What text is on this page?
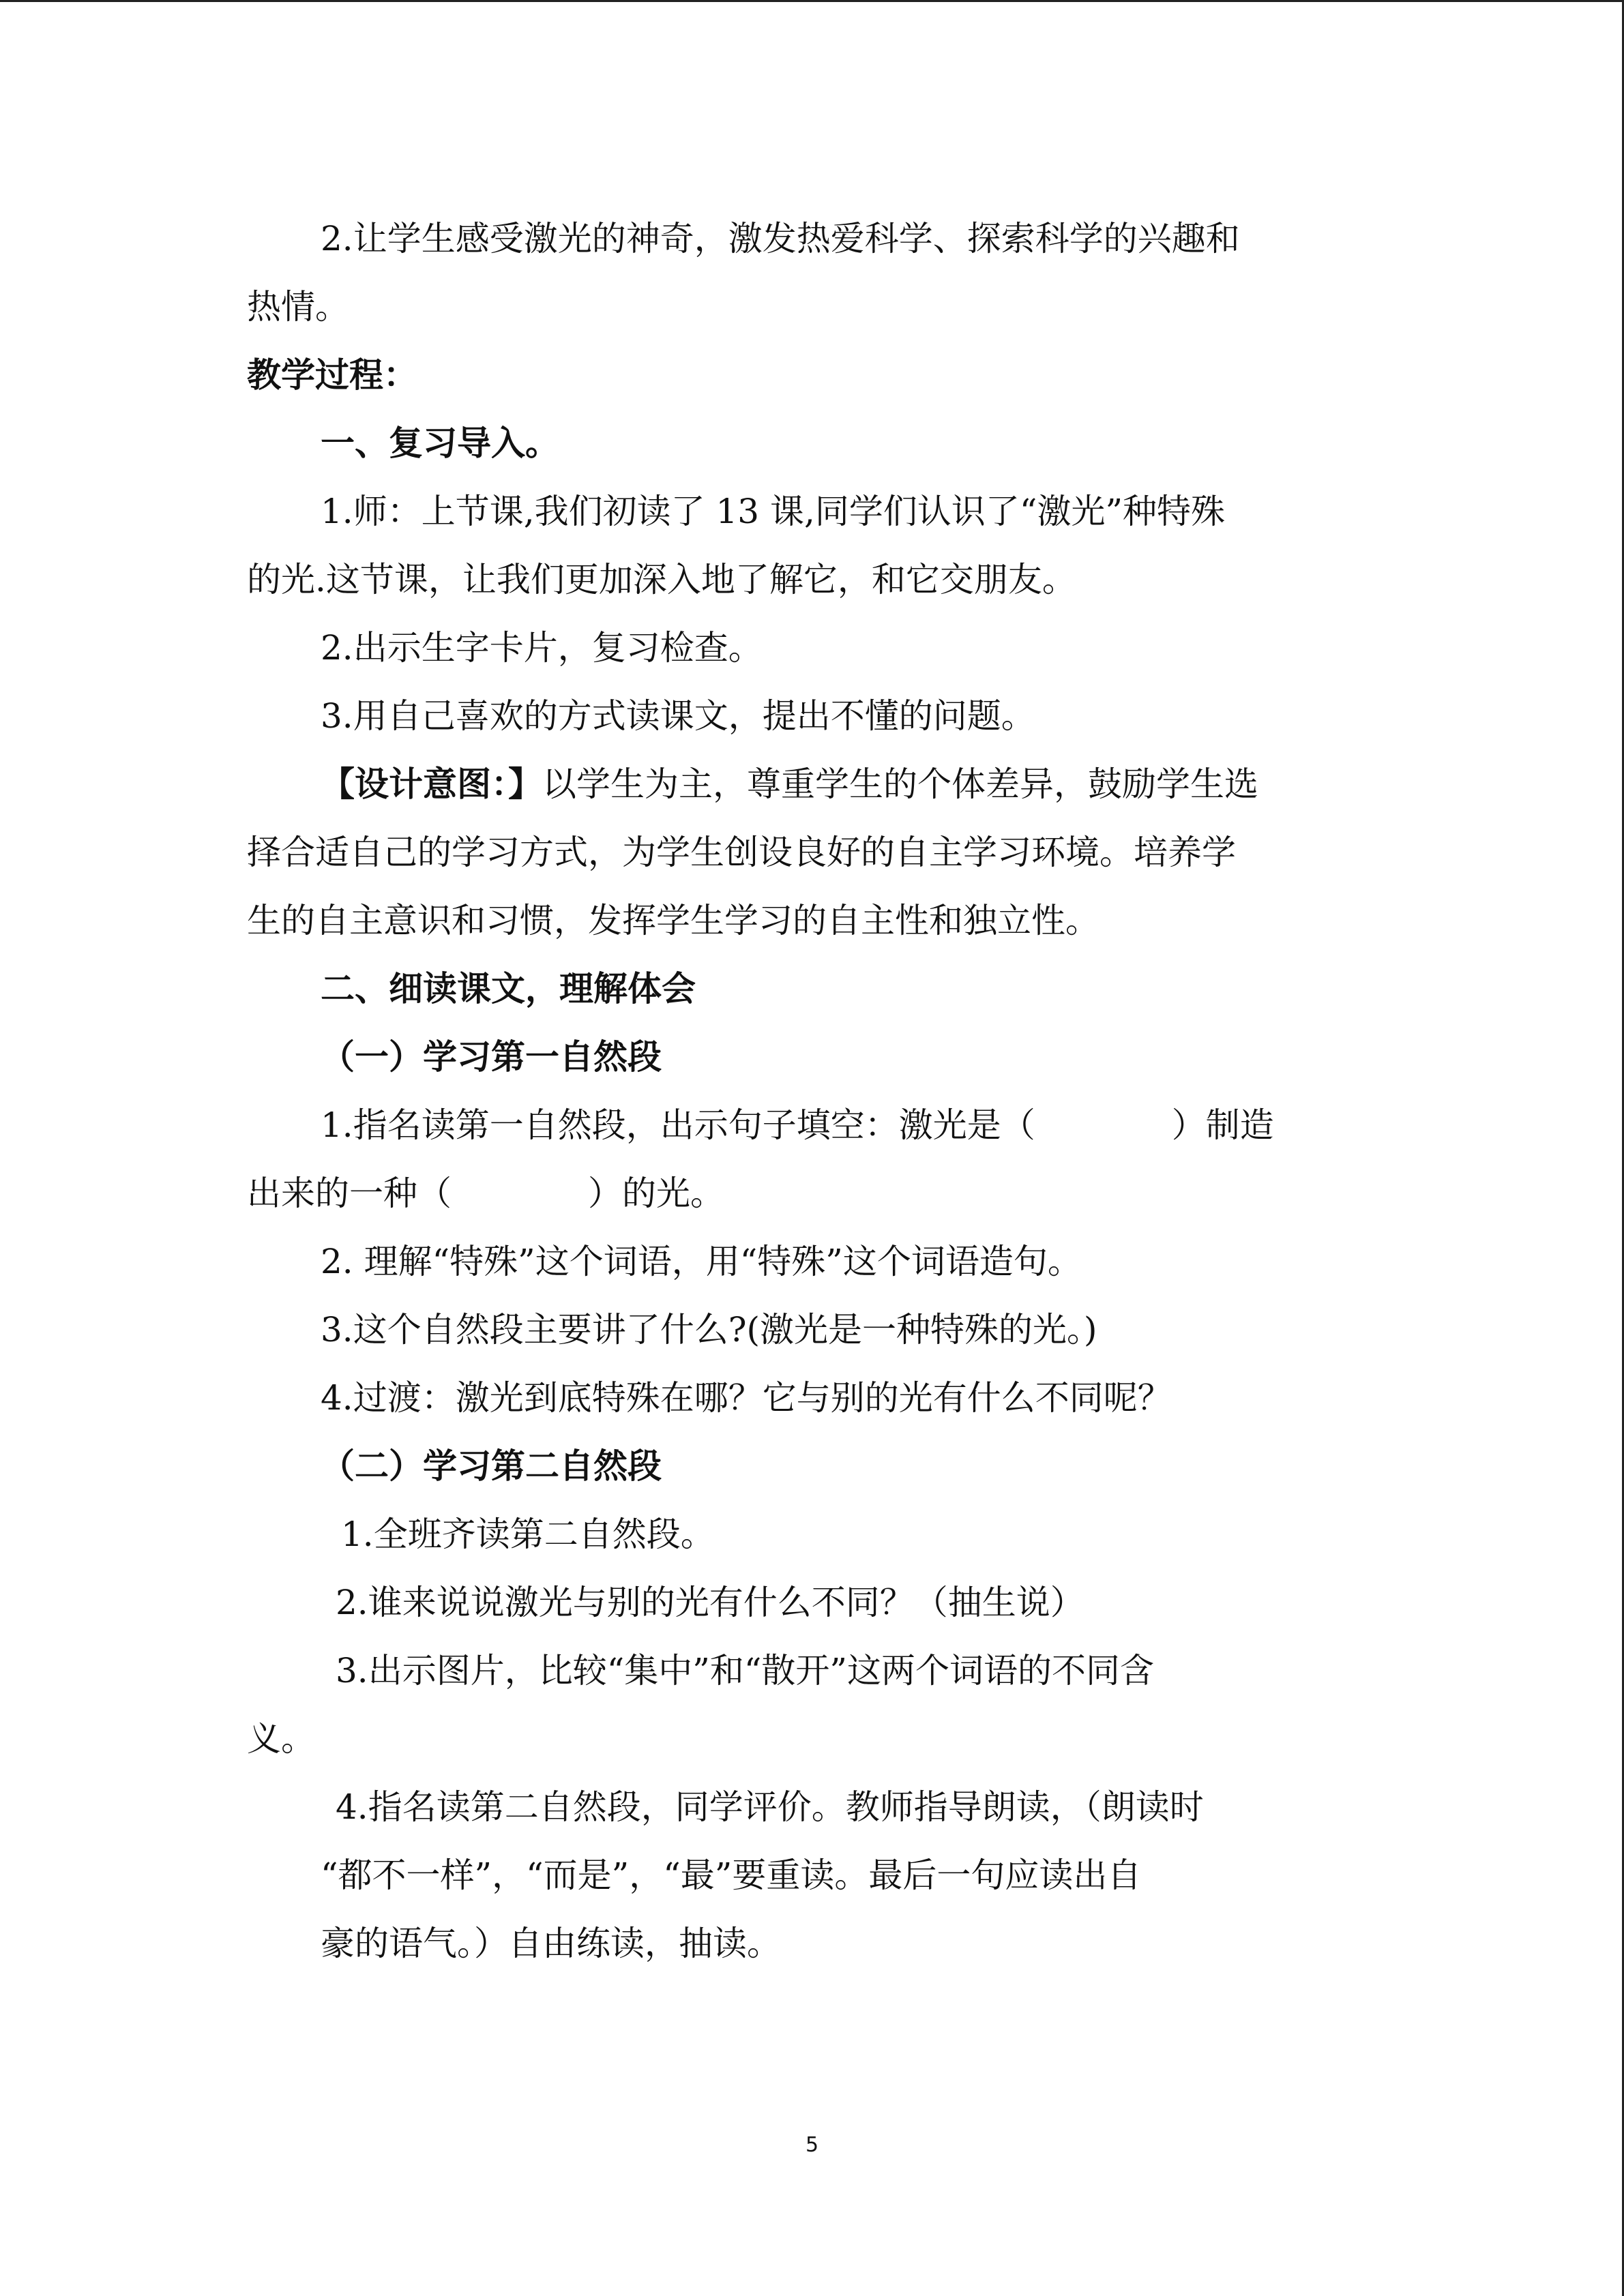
2.让学生感受激光的神奇，激发热爱科学、探索科学的兴趣和
热情。
教学过程：
一、复习导入。
1.师：上节课,我们初读了 13 课,同学们认识了“激光”种特殊
的光.这节课，让我们更加深入地了解它，和它交朋友。
2.出示生字卡片，复习检查。
3.用自己喜欢的方式读课文，提出不懂的问题。
【设计意图：】以学生为主，尊重学生的个体差异，鼓励学生选
择合适自己的学习方式，为学生创设良好的自主学习环境。培养学
生的自主意识和习惯，发挥学生学习的自主性和独立性。
二、细读课文，理解体会
（一）学习第一自然段
1.指名读第一自然段，出示句子填空：激光是（　　　　）制造
出来的一种（　　　　）的光。
2. 理解“特殊”这个词语，用“特殊”这个词语造句。
3.这个自然段主要讲了什么?(激光是一种特殊的光。)
4.过渡：激光到底特殊在哪？它与别的光有什么不同呢？
（二）学习第二自然段
1.全班齐读第二自然段。
2.谁来说说激光与别的光有什么不同？（抽生说）
3.出示图片，比较“集中”和“散开”这两个词语的不同含
义。
4.指名读第二自然段，同学评价。教师指导朗读，（朗读时
“都不一样”，“而是”，“最”要重读。最后一句应读出自
豪的语气。）自由练读，抽读。
5
